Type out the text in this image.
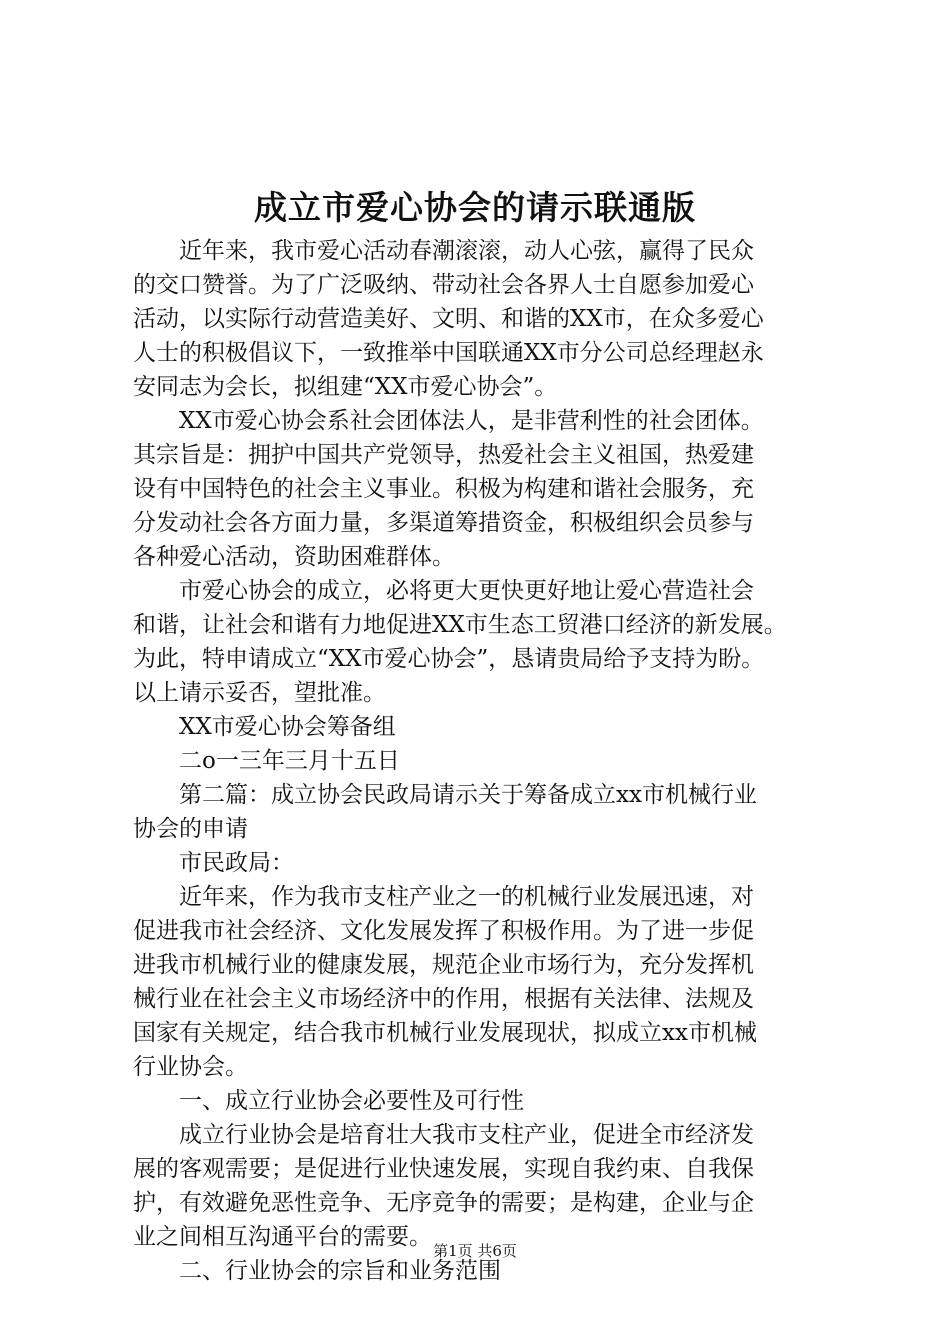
成立市爱心协会的请示联通版
　　近年来，我市爱心活动春潮滚滚，动人心弦，赢得了民众
的交口赞誉。为了广泛吸纳、带动社会各界人士自愿参加爱心
活动，以实际行动营造美好、文明、和谐的XX市，在众多爱心
人士的积极倡议下，一致推举中国联通XX市分公司总经理赵永
安同志为会长，拟组建“XX市爱心协会”。
　　XX市爱心协会系社会团体法人，是非营利性的社会团体。
其宗旨是：拥护中国共产党领导，热爱社会主义祖国，热爱建
设有中国特色的社会主义事业。积极为构建和谐社会服务，充
分发动社会各方面力量，多渠道筹措资金，积极组织会员参与
各种爱心活动，资助困难群体。
　　市爱心协会的成立，必将更大更快更好地让爱心营造社会
和谐，让社会和谐有力地促进XX市生态工贸港口经济的新发展。
为此，特申请成立“XX市爱心协会”，恳请贵局给予支持为盼。
以上请示妥否，望批准。
　　XX市爱心协会筹备组
　　二o一三年三月十五日
　　第二篇：成立协会民政局请示关于筹备成立xx市机械行业
协会的申请
　　市民政局：
　　近年来，作为我市支柱产业之一的机械行业发展迅速，对
促进我市社会经济、文化发展发挥了积极作用。为了进一步促
进我市机械行业的健康发展，规范企业市场行为，充分发挥机
械行业在社会主义市场经济中的作用，根据有关法律、法规及
国家有关规定，结合我市机械行业发展现状，拟成立xx市机械
行业协会。
　　一、成立行业协会必要性及可行性
　　成立行业协会是培育壮大我市支柱产业，促进全市经济发
展的客观需要；是促进行业快速发展，实现自我约束、自我保
护，有效避免恶性竞争、无序竞争的需要；是构建，企业与企
业之间相互沟通平台的需要。
　　二、行业协会的宗旨和业务范围
第1页 共6页
